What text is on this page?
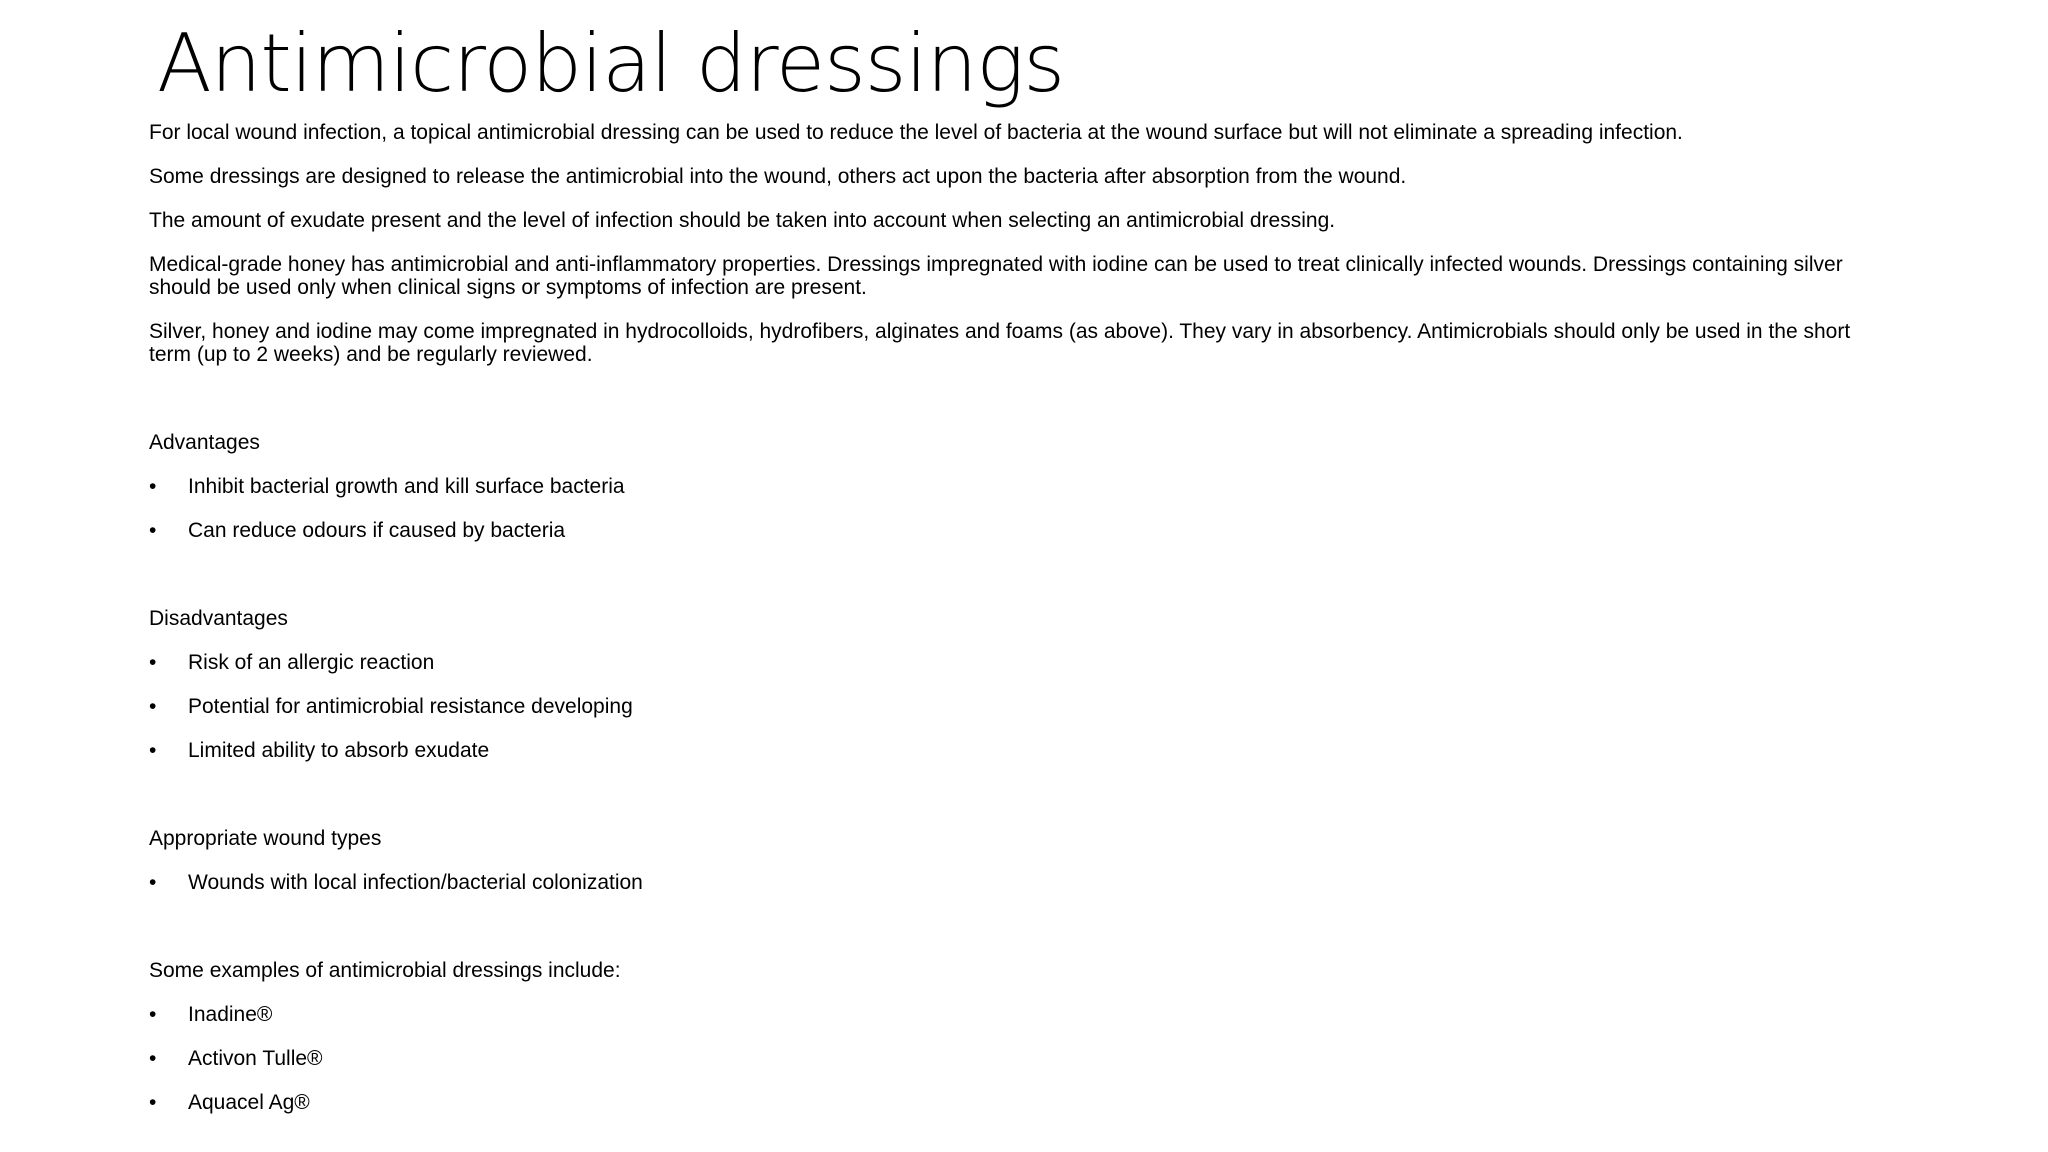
Antimicrobial dressings

For local wound infection, a topical antimicrobial dressing can be used to reduce the level of bacteria at the wound surface but will not eliminate a spreading infection.

Some dressings are designed to release the antimicrobial into the wound, others act upon the bacteria after absorption from the wound.

The amount of exudate present and the level of infection should be taken into account when selecting an antimicrobial dressing.

Medical-grade honey has antimicrobial and anti-inflammatory properties. Dressings impregnated with iodine can be used to treat clinically infected wounds. Dressings containing silver should be used only when clinical signs or symptoms of infection are present.

Silver, honey and iodine may come impregnated in hydrocolloids, hydrofibers, alginates and foams (as above). They vary in absorbency. Antimicrobials should only be used in the short term (up to 2 weeks) and be regularly reviewed.

Advantages

• Inhibit bacterial growth and kill surface bacteria
• Can reduce odours if caused by bacteria

Disadvantages

• Risk of an allergic reaction
• Potential for antimicrobial resistance developing
• Limited ability to absorb exudate

Appropriate wound types

• Wounds with local infection/bacterial colonization

Some examples of antimicrobial dressings include:

• Inadine®
• Activon Tulle®
• Aquacel Ag®
